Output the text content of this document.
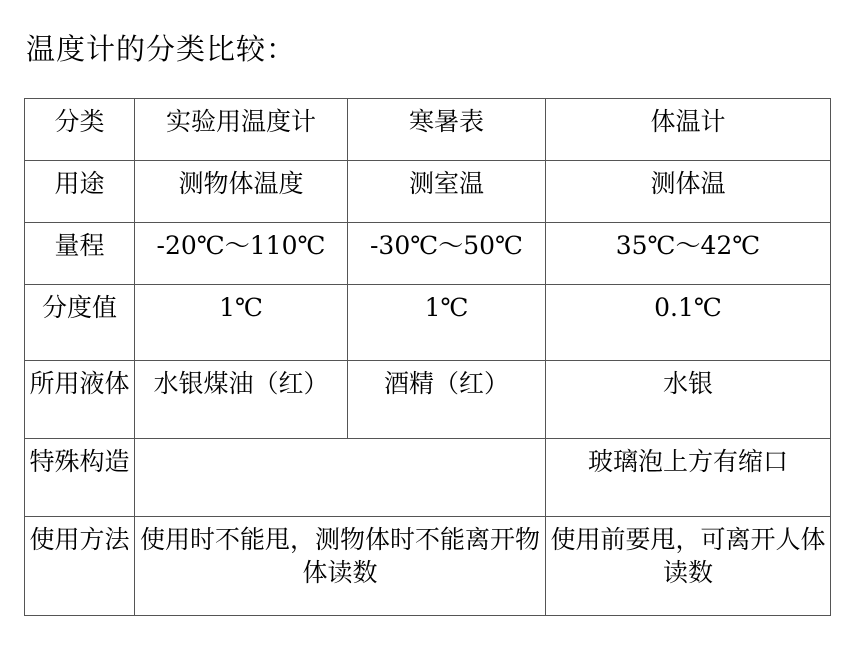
温度计的分类比较：
分类	实验用温度计	寒暑表	体温计
用途	测物体温度	测室温	测体温
量程	-20℃～110℃	-30℃～50℃	35℃～42℃
分度值	1℃	1℃	0.1℃
所用液体	水银煤油（红）	酒精（红）	水银
特殊构造			玻璃泡上方有缩口
使用方法	使用时不能甩，测物体时不能离开物体读数		使用前要甩，可离开人体读数
